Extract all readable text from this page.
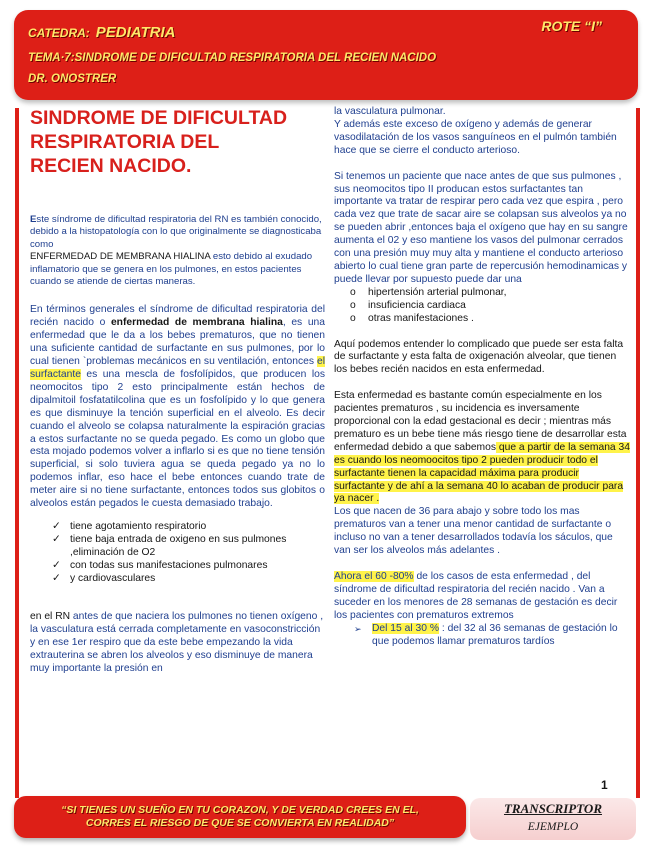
CATEDRA: PEDIATRIA	ROTE “I”
TEMA·7:SINDROME DE DIFICULTAD RESPIRATORIA DEL RECIEN NACIDO
DR. ONOSTRER

SINDROME DE DIFICULTAD
RESPIRATORIA DEL
RECIEN NACIDO.

Este síndrome de dificultad respiratoria del RN es también conocido, debido a la histopatología con lo que originalmente se diagnosticaba como
ENFERMEDAD DE MEMBRANA HIALINA esto debido al exudado inflamatorio que se genera en los pulmones, en estos pacientes cuando se atiende de ciertas maneras.

En términos generales el síndrome de dificultad respiratoria del recién nacido o enfermedad de membrana hialina, es una enfermedad que le da a los bebes prematuros, que no tienen una suficiente cantidad de surfactante en sus pulmones, por lo cual tienen `problemas mecánicos en su ventilación, entonces el surfactante es una mescla de fosfolípidos, que producen los neomocitos tipo 2 esto principalmente están hechos de dipalmitoil fosfatatilcolina que es un fosfolípido y lo que genera es que disminuye la tención superficial en el alveolo. Es decir cuando el alveolo se colapsa naturalmente la espiración gracias a estos surfactante no se queda pegado. Es como un globo que esta mojado podemos volver a inflarlo si es que no tiene tensión superficial, si solo tuviera agua se queda pegado ya no lo podemos inflar, eso hace el bebe entonces cuando trate de meter aire si no tiene surfactante, entonces todos sus globitos o alveolos están pegados le cuesta demasiado trabajo.

✓ tiene agotamiento respiratorio
✓ tiene baja entrada de oxigeno en sus pulmones ,eliminación de O2
✓ con todas sus manifestaciones pulmonares
✓ y cardiovasculares

en el RN antes de que naciera los pulmones no tienen oxígeno , la vasculatura está cerrada completamente en vasoconstricción y en ese 1er respiro que da este bebe empezando la vida extrauterina se abren los alveolos y eso disminuye de manera muy importante la presión en

la vasculatura pulmonar.

Y además este exceso de oxígeno y además de generar vasodilatación de los vasos sanguíneos en el pulmón también hace que se cierre el conducto arterioso.

Si tenemos un paciente que nace antes de que sus pulmones , sus neomocitos tipo II producan estos surfactantes tan importante va tratar de respirar pero cada vez que espira , pero cada vez que trate de sacar aire se colapsan sus alveolos ya no se pueden abrir ,entonces baja el oxígeno que hay en su sangre aumenta el 02 y eso mantiene los vasos del pulmonar cerrados con una presión muy muy alta y mantiene el conducto arterioso abierto lo cual tiene gran parte de repercusión hemodinamicas y puede llevar por supuesto puede dar una

o hipertensión arterial pulmonar,
o insuficiencia cardiaca
o otras manifestaciones .

Aquí podemos entender lo complicado que puede ser esta falta de surfactante y esta falta de oxigenación alveolar, que tienen los bebes recién nacidos en esta enfermedad.

Esta enfermedad es bastante común especialmente en los pacientes prematuros , su incidencia es inversamente proporcional con la edad gestacional es decir ; mientras más prematuro es un bebe tiene más riesgo tiene de desarrollar esta enfermedad debido a que sabemos que a partir de la semana 34 es cuando los neomoocitos tipo 2 pueden producir todo el surfactante tienen la capacidad máxima para producir surfactante y de ahí a la semana 40 lo acaban de producir para ya nacer .

Los que nacen de 36 para abajo y sobre todo los mas prematuros van a tener una menor cantidad de surfactante o incluso no van a tener desarrollados todavía los sáculos, que van ser los alveolos más adelantes .

Ahora el 60 -80% de los casos de esta enfermedad , del síndrome de dificultad respiratoria del recién nacido . Van a suceder en los menores de 28 semanas de gestación es decir los pacientes con prematuros extremos

➢ Del 15 al 30 % : del 32 al 36 semanas de gestación lo que podemos llamar prematuros tardíos
1
“SI TIENES UN SUEÑO EN TU CORAZON, Y DE VERDAD CREES EN EL,
CORRES EL RIESGO DE QUE SE CONVIERTA EN REALIDAD”
TRANSCRIPTOR
EJEMPLO
